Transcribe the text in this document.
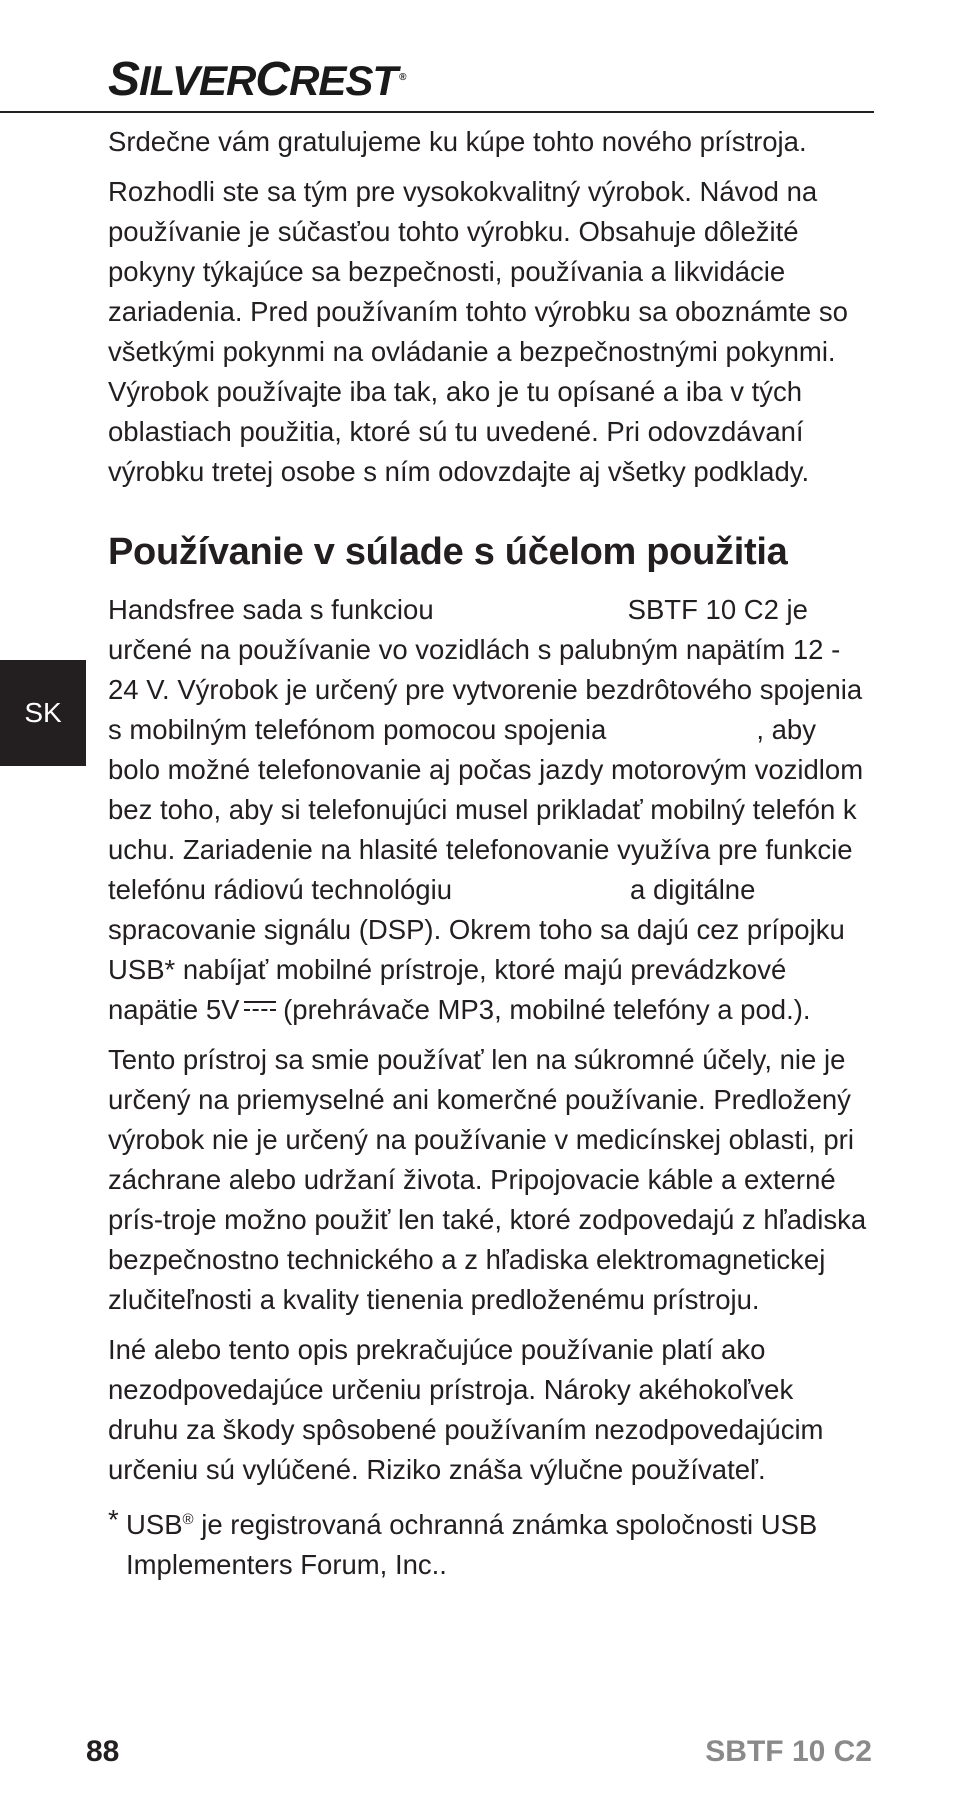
SILVERCREST ®

Srdečne vám gratulujeme ku kúpe tohto nového prístroja.

Rozhodli ste sa tým pre vysokokvalitný výrobok. Návod na používanie je súčasťou tohto výrobku. Obsahuje dôležité pokyny týkajúce sa bezpečnosti, používania a likvidácie zariadenia. Pred používaním tohto výrobku sa oboznámte so všetkými pokynmi na ovládanie a bezpečnostnými pokynmi. Výrobok používajte iba tak, ako je tu opísané a iba v tých oblastiach použitia, ktoré sú tu uvedené. Pri odovzdávaní výrobku tretej osobe s ním odovzdajte aj všetky podklady.

Používanie v súlade s účelom použitia

Handsfree sada s funkciou	SBTF 10 C2 je určené na používanie vo vozidlách s palubným napätím 12 - 24 V. Výrobok je určený pre vytvorenie bezdrôtového spojenia s mobilným telefónom pomocou spojenia	, aby bolo možné telefonovanie aj počas jazdy motorovým vozidlom bez toho, aby si telefonujúci musel prikladať mobilný telefón k uchu. Zariadenie na hlasité telefonovanie využíva pre funkcie telefónu rádiovú technológiu	a digitálne spracovanie signálu (DSP). Okrem toho sa dajú cez prípojku USB* nabíjať mobilné prístroje, ktoré majú prevádzkové napätie 5V (prehrávače MP3, mobilné telefóny a pod.).

Tento prístroj sa smie používať len na súkromné účely, nie je určený na priemyselné ani komerčné používanie. Predložený výrobok nie je určený na používanie v medicínskej oblasti, pri záchrane alebo udržaní života. Pripojovacie káble a externé prís-troje možno použiť len také, ktoré zodpovedajú z hľadiska bezpečnostno technického a z hľadiska elektromagnetickej zlučiteľnosti a kvality tienenia predloženému prístroju.

Iné alebo tento opis prekračujúce používanie platí ako nezodpovedajúce určeniu prístroja. Nároky akéhokoľvek druhu za škody spôsobené používaním nezodpovedajúcim určeniu sú vylúčené. Riziko znáša výlučne používateľ.

* USB® je registrovaná ochranná známka spoločnosti USB Implementers Forum, Inc..
SK
88	SBTF 10 C2
